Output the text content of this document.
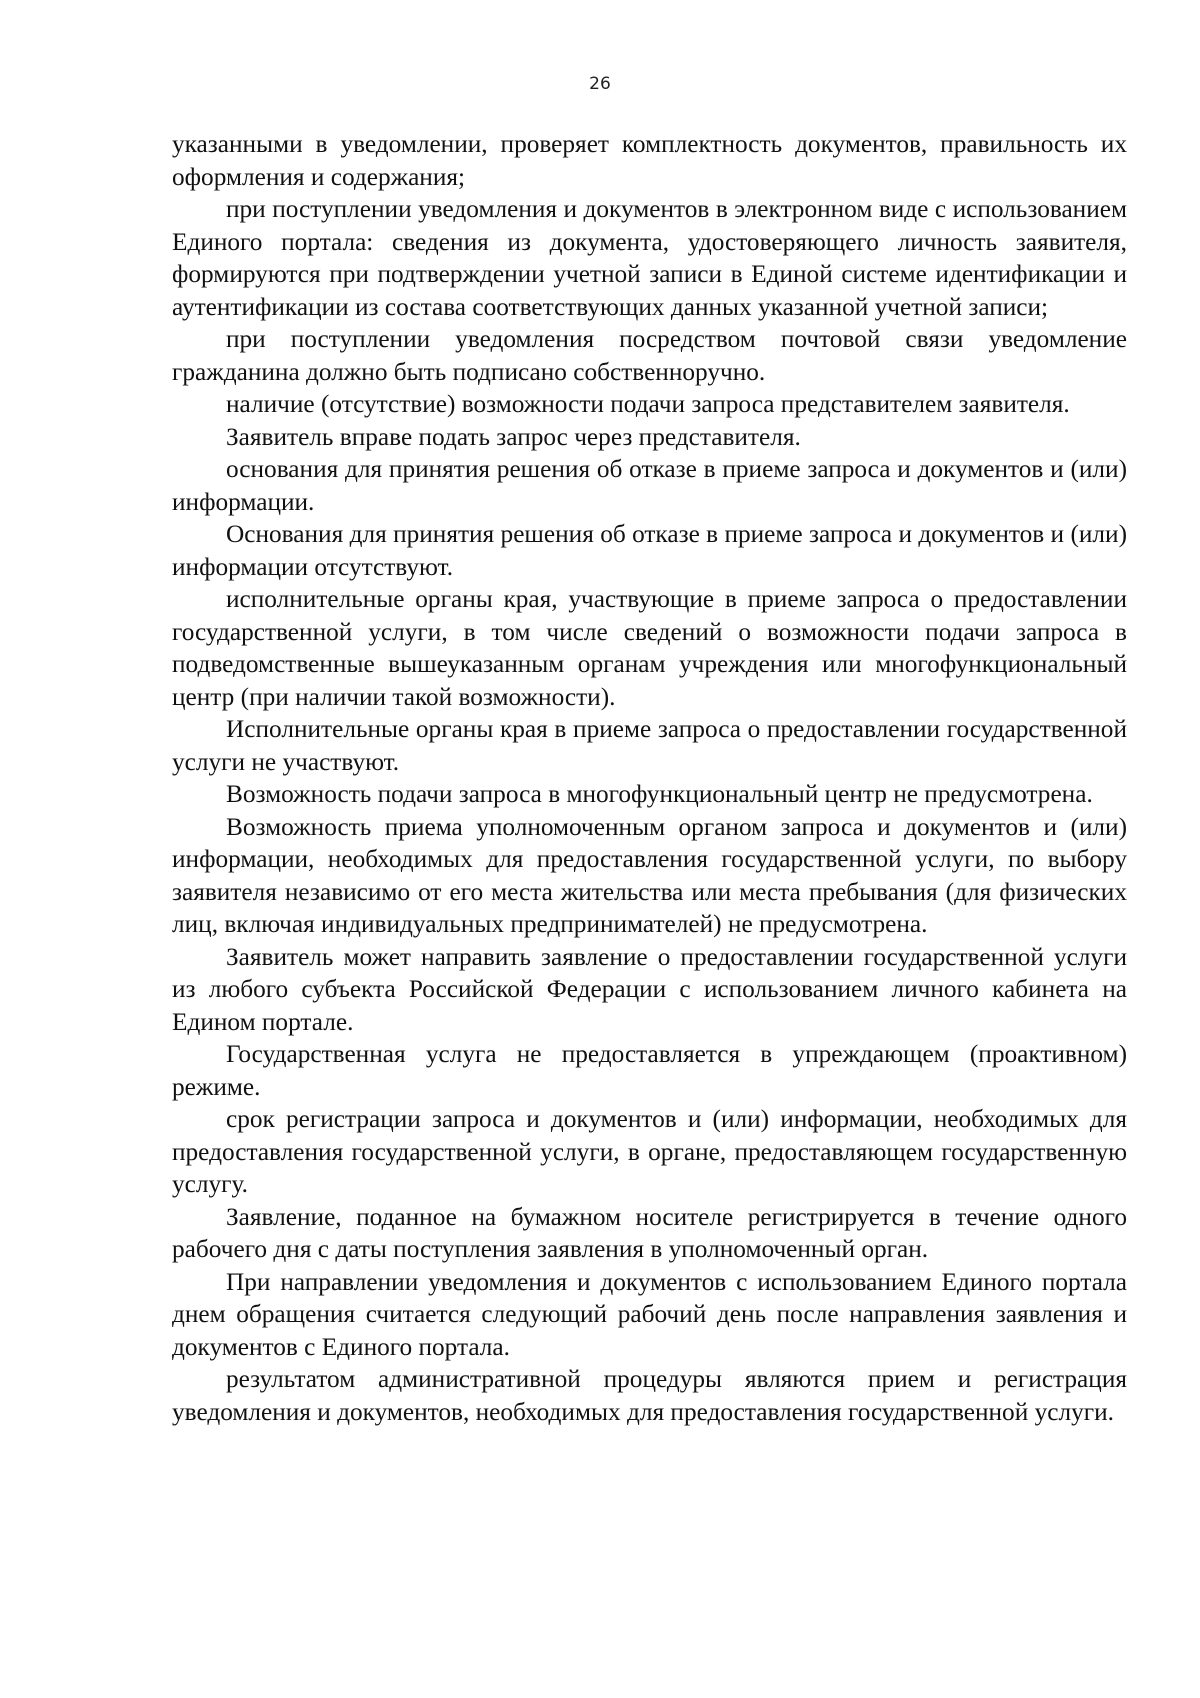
26

указанными в уведомлении, проверяет комплектность документов, правильность их оформления и содержания;

при поступлении уведомления и документов в электронном виде с использованием Единого портала: сведения из документа, удостоверяющего личность заявителя, формируются при подтверждении учетной записи в Единой системе идентификации и аутентификации из состава соответствующих данных указанной учетной записи;

при поступлении уведомления посредством почтовой связи уведомление гражданина должно быть подписано собственноручно.

наличие (отсутствие) возможности подачи запроса представителем заявителя.

Заявитель вправе подать запрос через представителя.

основания для принятия решения об отказе в приеме запроса и документов и (или) информации.

Основания для принятия решения об отказе в приеме запроса и документов и (или) информации отсутствуют.

исполнительные органы края, участвующие в приеме запроса о предоставлении государственной услуги, в том числе сведений о возможности подачи запроса в подведомственные вышеуказанным органам учреждения или многофункциональный центр (при наличии такой возможности).

Исполнительные органы края в приеме запроса о предоставлении государственной услуги не участвуют.

Возможность подачи запроса в многофункциональный центр не предусмотрена.

Возможность приема уполномоченным органом запроса и документов и (или) информации, необходимых для предоставления государственной услуги, по выбору заявителя независимо от его места жительства или места пребывания (для физических лиц, включая индивидуальных предпринимателей) не предусмотрена.

Заявитель может направить заявление о предоставлении государственной услуги из любого субъекта Российской Федерации с использованием личного кабинета на Едином портале.

Государственная услуга не предоставляется в упреждающем (проактивном) режиме.

срок регистрации запроса и документов и (или) информации, необходимых для предоставления государственной услуги, в органе, предоставляющем государственную услугу.

Заявление, поданное на бумажном носителе регистрируется в течение одного рабочего дня с даты поступления заявления в уполномоченный орган.

При направлении уведомления и документов с использованием Единого портала днем обращения считается следующий рабочий день после направления заявления и документов с Единого портала.

результатом административной процедуры являются прием и регистрация уведомления и документов, необходимых для предоставления государственной услуги.
